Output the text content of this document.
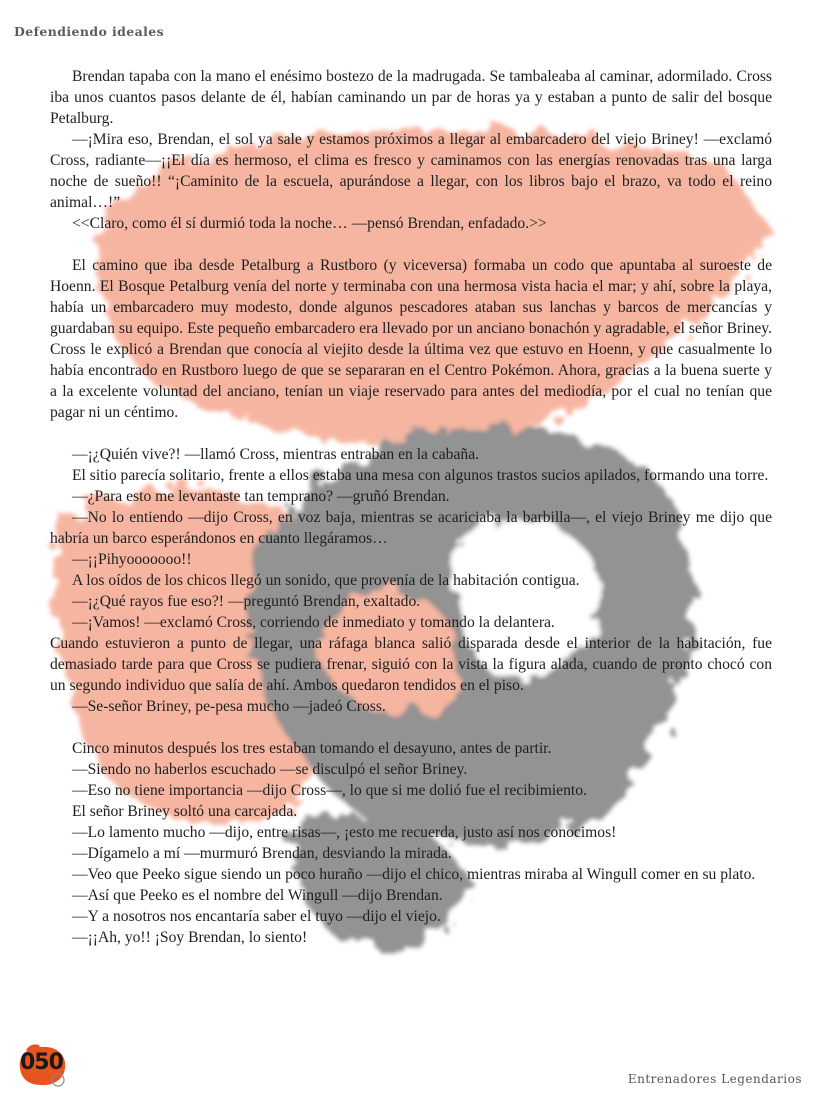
Defendiendo ideales

Brendan tapaba con la mano el enésimo bostezo de la madrugada. Se tambaleaba al caminar, adormilado. Cross iba unos cuantos pasos delante de él, habían caminando un par de horas ya y estaban a punto de salir del bosque Petalburg.

—¡Mira eso, Brendan, el sol ya sale y estamos próximos a llegar al embarcadero del viejo Briney! —exclamó Cross, radiante—¡¡El día es hermoso, el clima es fresco y caminamos con las energías renovadas tras una larga noche de sueño!! “¡Caminito de la escuela, apurándose a llegar, con los libros bajo el brazo, va todo el reino animal…!”

<<Claro, como él sí durmió toda la noche… —pensó Brendan, enfadado.>>

El camino que iba desde Petalburg a Rustboro (y viceversa) formaba un codo que apuntaba al suroeste de Hoenn. El Bosque Petalburg venía del norte y terminaba con una hermosa vista hacia el mar; y ahí, sobre la playa, había un embarcadero muy modesto, donde algunos pescadores ataban sus lanchas y barcos de mercancías y guardaban su equipo. Este pequeño embarcadero era llevado por un anciano bonachón y agradable, el señor Briney. Cross le explicó a Brendan que conocía al viejito desde la última vez que estuvo en Hoenn, y que casualmente lo había encontrado en Rustboro luego de que se separaran en el Centro Pokémon. Ahora, gracias a la buena suerte y a la excelente voluntad del anciano, tenían un viaje reservado para antes del mediodía, por el cual no tenían que pagar ni un céntimo.

—¡¿Quién vive?! —llamó Cross, mientras entraban en la cabaña.

El sitio parecía solitario, frente a ellos estaba una mesa con algunos trastos sucios apilados, formando una torre.

—¿Para esto me levantaste tan temprano? —gruñó Brendan.

—No lo entiendo —dijo Cross, en voz baja, mientras se acariciaba la barbilla—, el viejo Briney me dijo que habría un barco esperándonos en cuanto llegáramos…

—¡¡Pihyooooooo!!

A los oídos de los chicos llegó un sonido, que provenía de la habitación contigua.

—¡¿Qué rayos fue eso?! —preguntó Brendan, exaltado.

—¡Vamos! —exclamó Cross, corriendo de inmediato y tomando la delantera.

Cuando estuvieron a punto de llegar, una ráfaga blanca salió disparada desde el interior de la habitación, fue demasiado tarde para que Cross se pudiera frenar, siguió con la vista la figura alada, cuando de pronto chocó con un segundo individuo que salía de ahí. Ambos quedaron tendidos en el piso.

—Se-señor Briney, pe-pesa mucho —jadeó Cross.

Cinco minutos después los tres estaban tomando el desayuno, antes de partir.

—Siendo no haberlos escuchado —se disculpó el señor Briney.

—Eso no tiene importancia —dijo Cross—, lo que si me dolió fue el recibimiento.

El señor Briney soltó una carcajada.

—Lo lamento mucho —dijo, entre risas—, ¡esto me recuerda, justo así nos conocimos!

—Dígamelo a mí —murmuró Brendan, desviando la mirada.

—Veo que Peeko sigue siendo un poco huraño —dijo el chico, mientras miraba al Wingull comer en su plato.

—Así que Peeko es el nombre del Wingull —dijo Brendan.

—Y a nosotros nos encantaría saber el tuyo —dijo el viejo.

—¡¡Ah, yo!! ¡Soy Brendan, lo siento!

050
Entrenadores Legendarios
